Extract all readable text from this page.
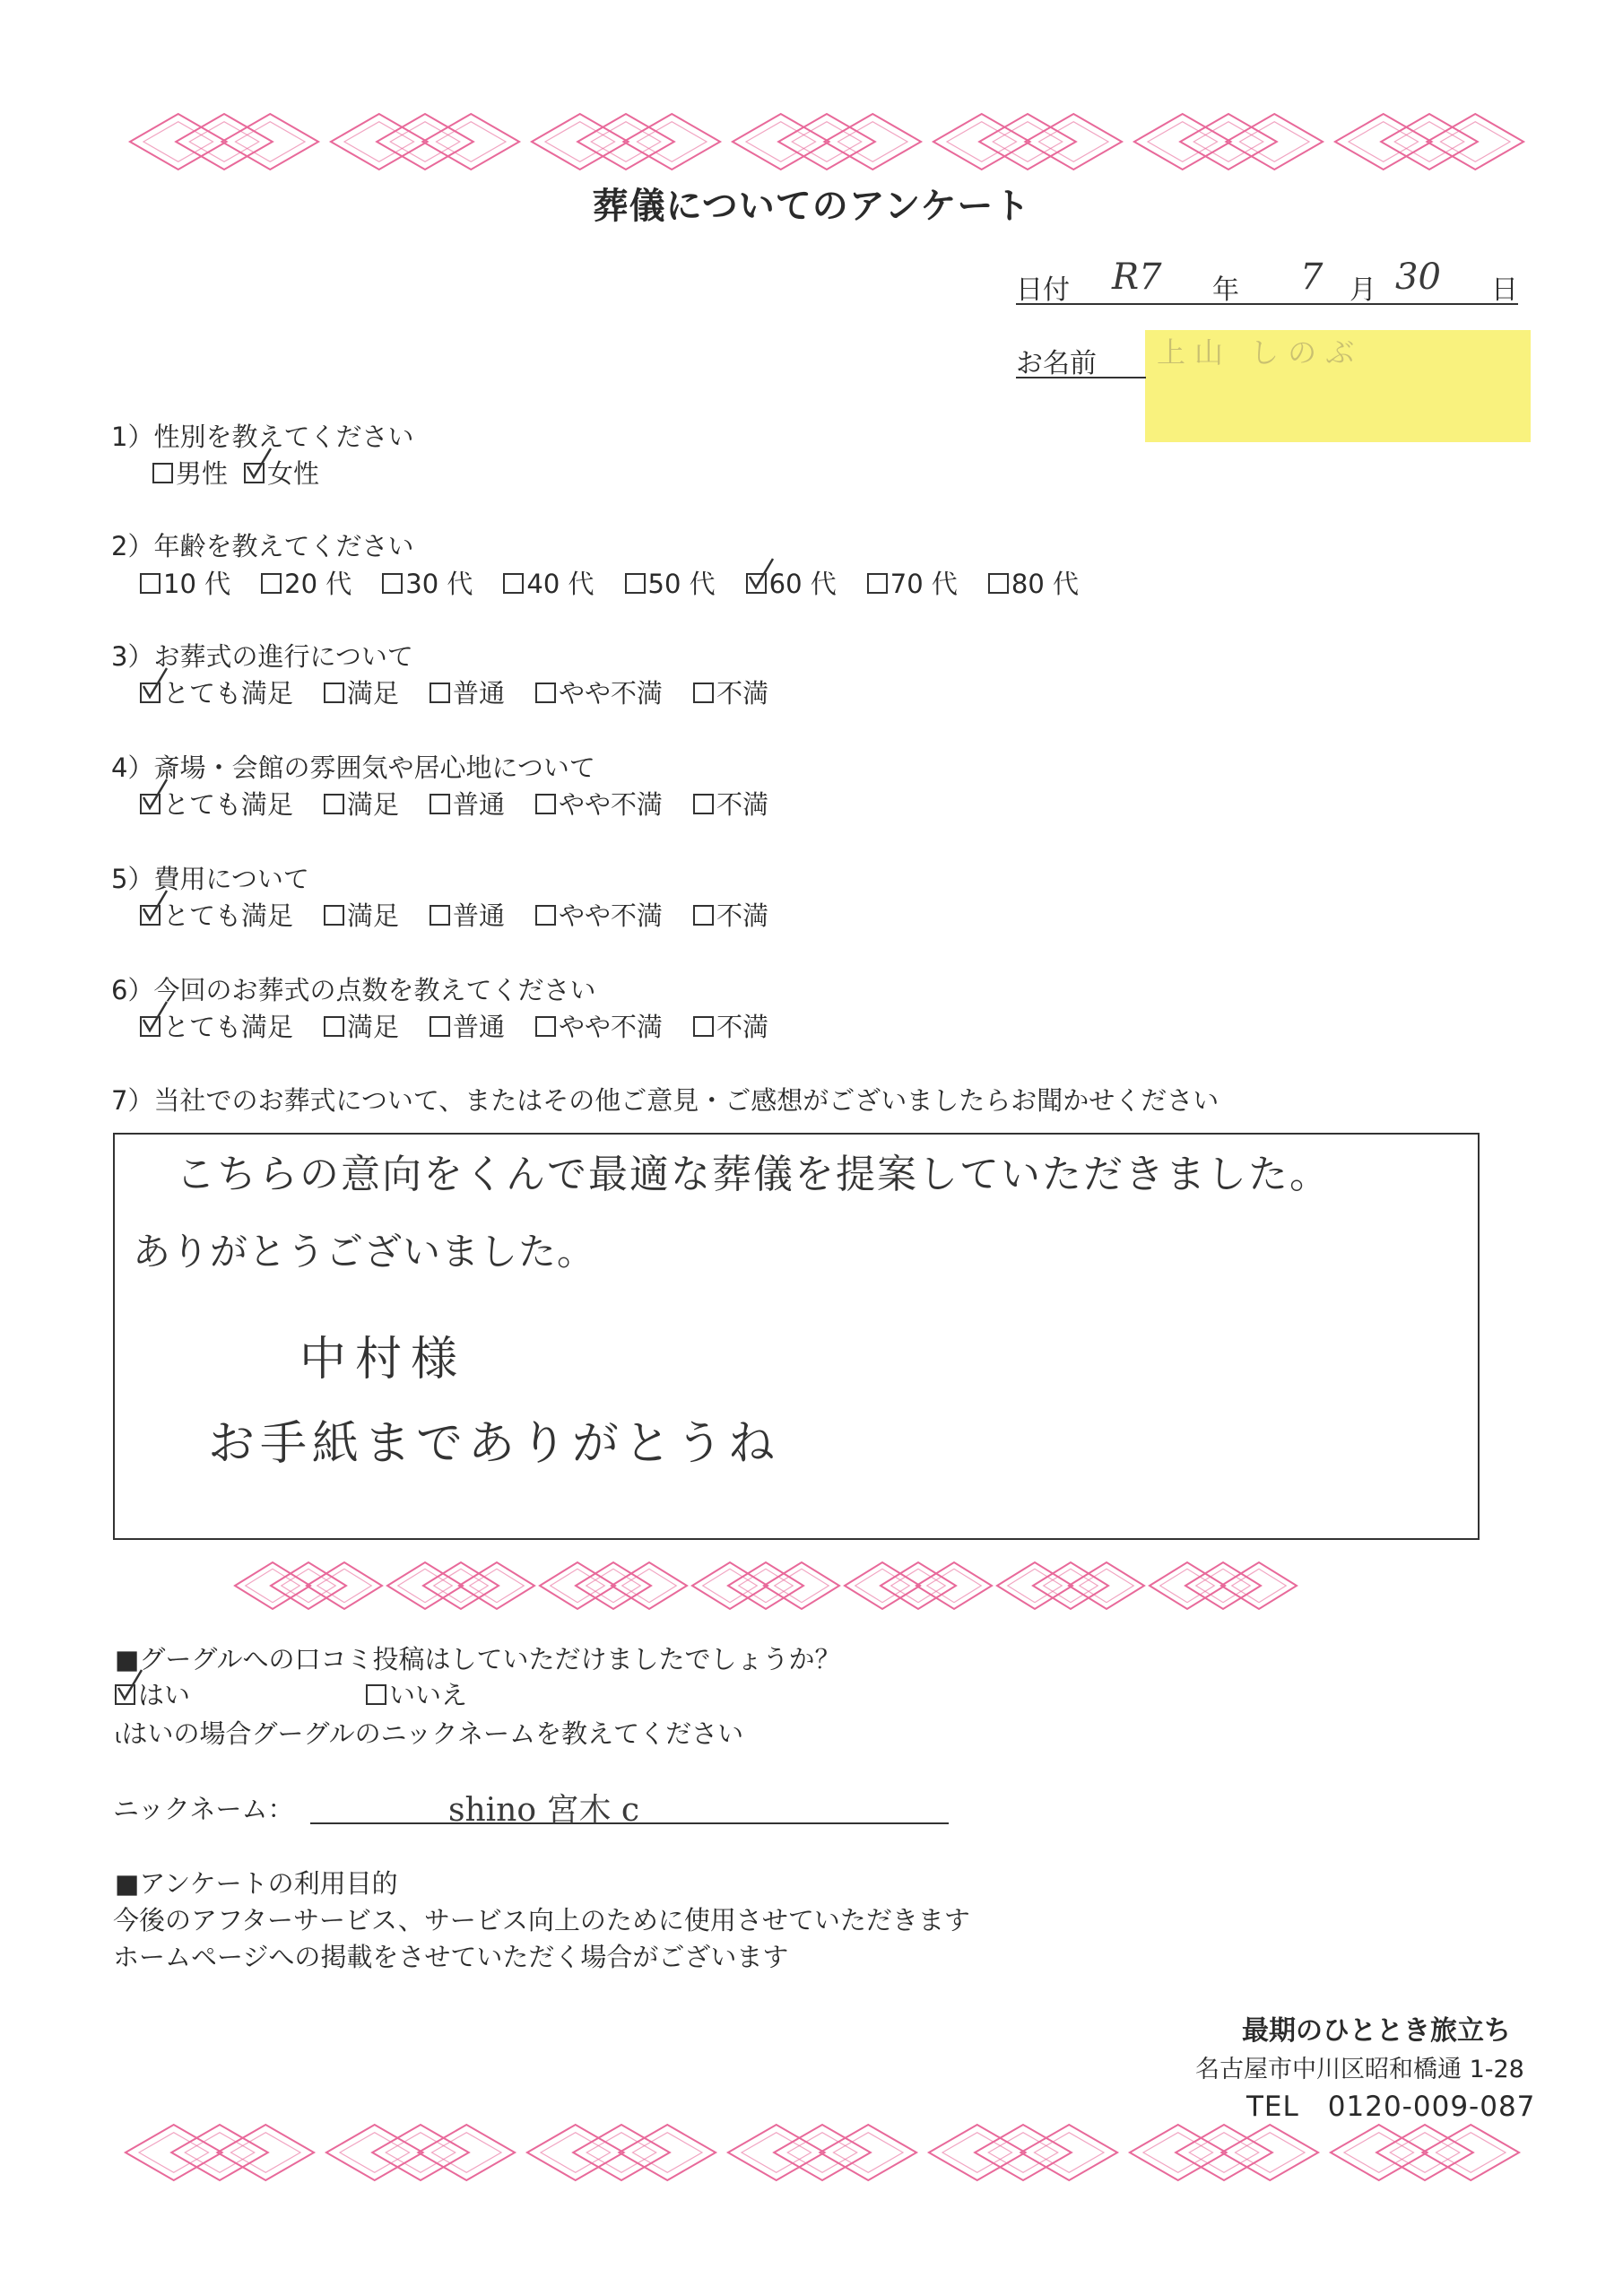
葬儀についてのアンケート
日付 R7 年 7 月 30 日
上山 しのぶ
お名前
1）性別を教えてください
男性 女性
2）年齢を教えてください
10 代 20 代 30 代 40 代 50 代 60 代 70 代 80 代
3）お葬式の進行について
とても満足 満足 普通 やや不満 不満
4）斎場・会館の雰囲気や居心地について
とても満足 満足 普通 やや不満 不満
5）費用について
とても満足 満足 普通 やや不満 不満
6）今回のお葬式の点数を教えてください
とても満足 満足 普通 やや不満 不満
7）当社でのお葬式について、またはその他ご意見・ご感想がございましたらお聞かせください
こちらの意向をくんで最適な葬儀を提案していただきました。
ありがとうございました。
中村様
お手紙までありがとうね
■グーグルへの口コミ投稿はしていただけましたでしょうか？
はい	いいえ
ιはいの場合グーグルのニックネームを教えてください
ニックネーム：	shino 宮木 c
■アンケートの利用目的
今後のアフターサービス、サービス向上のために使用させていただきます
ホームページへの掲載をさせていただく場合がございます
最期のひととき旅立ち
名古屋市中川区昭和橋通 1-28
TEL　0120-009-087
